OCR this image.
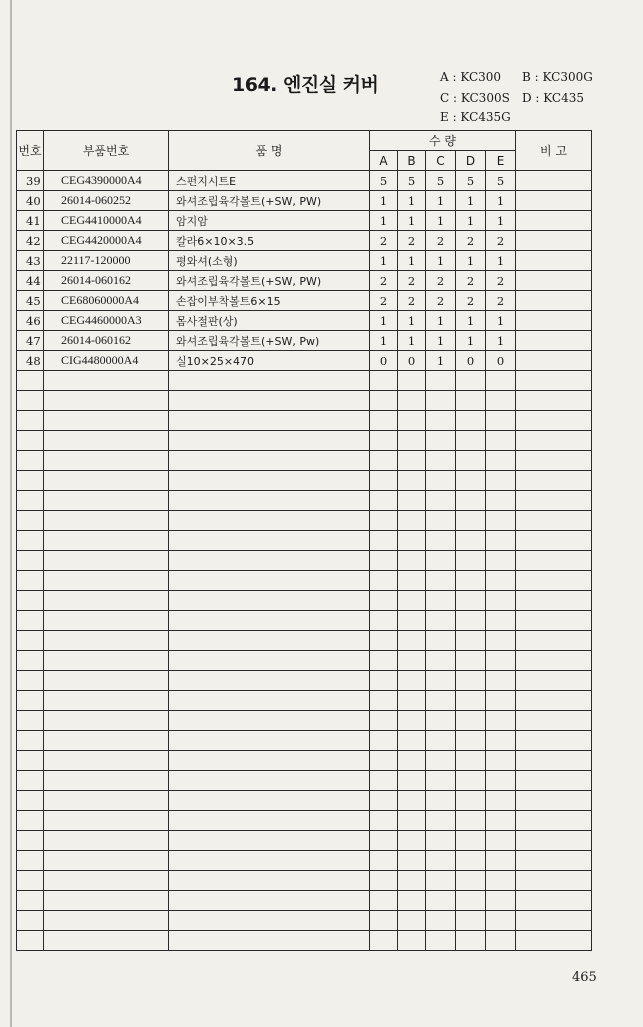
164. 엔진실 커버	A : KC300 B : KC300G
C : KC300S D : KC435
E : KC435G
번호	부품번호	품 명	수 량					비 고
			A	B	C	D	E	
39	CEG4390000A4	스펀지시트E	5	5	5	5	5	
40	26014-060252	와셔조립육각볼트(+SW, PW)	1	1	1	1	1	
41	CEG4410000A4	암지암	1	1	1	1	1	
42	CEG4420000A4	칼라6×10×3.5	2	2	2	2	2	
43	22117-120000	평와셔(소형)	1	1	1	1	1	
44	26014-060162	와셔조립육각볼트(+SW, PW)	2	2	2	2	2	
45	CE68060000A4	손잡이부착볼트6×15	2	2	2	2	2	
46	CEG4460000A3	몸사절판(상)	1	1	1	1	1	
47	26014-060162	와셔조립육각볼트(+SW, Pw)	1	1	1	1	1	
48	CIG4480000A4	실10×25×470	0	0	1	0	0	

465
